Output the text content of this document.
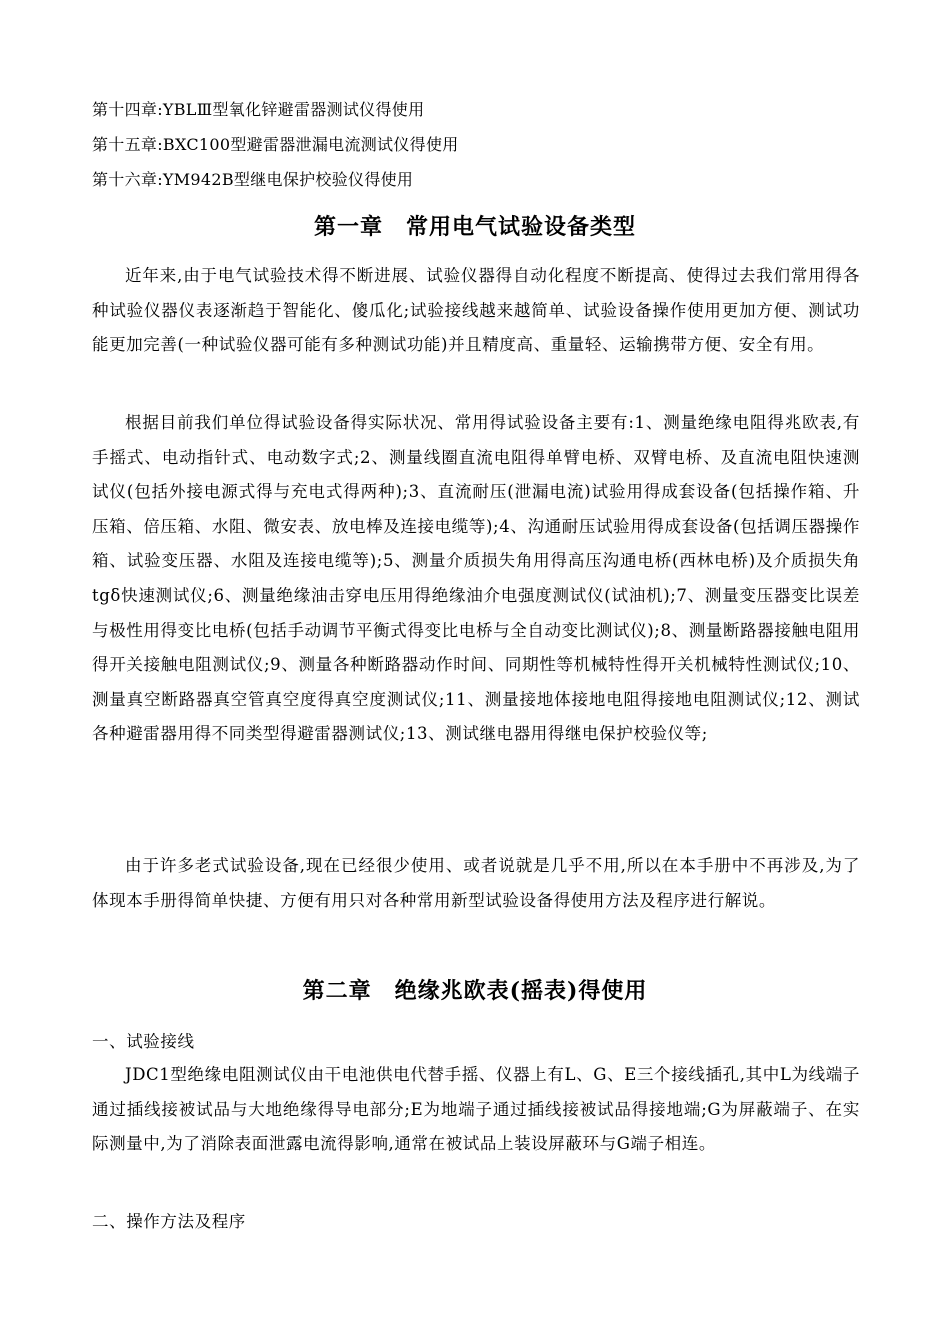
第十四章:YBLⅢ型氧化锌避雷器测试仪得使用
第十五章:BXC100型避雷器泄漏电流测试仪得使用
第十六章:YM942B型继电保护校验仪得使用
第一章　常用电气试验设备类型
近年来,由于电气试验技术得不断进展、试验仪器得自动化程度不断提高、使得过去我们常用得各种试验仪器仪表逐渐趋于智能化、傻瓜化;试验接线越来越简单、试验设备操作使用更加方便、测试功能更加完善(一种试验仪器可能有多种测试功能)并且精度高、重量轻、运输携带方便、安全有用。
根据目前我们单位得试验设备得实际状况、常用得试验设备主要有:1、测量绝缘电阻得兆欧表,有手摇式、电动指针式、电动数字式;2、测量线圈直流电阻得单臂电桥、双臂电桥、及直流电阻快速测试仪(包括外接电源式得与充电式得两种);3、直流耐压(泄漏电流)试验用得成套设备(包括操作箱、升压箱、倍压箱、水阻、微安表、放电棒及连接电缆等);4、沟通耐压试验用得成套设备(包括调压器操作箱、试验变压器、水阻及连接电缆等);5、测量介质损失角用得高压沟通电桥(西林电桥)及介质损失角tgδ快速测试仪;6、测量绝缘油击穿电压用得绝缘油介电强度测试仪(试油机);7、测量变压器变比误差与极性用得变比电桥(包括手动调节平衡式得变比电桥与全自动变比测试仪);8、测量断路器接触电阻用得开关接触电阻测试仪;9、测量各种断路器动作时间、同期性等机械特性得开关机械特性测试仪;10、测量真空断路器真空管真空度得真空度测试仪;11、测量接地体接地电阻得接地电阻测试仪;12、测试各种避雷器用得不同类型得避雷器测试仪;13、测试继电器用得继电保护校验仪等;
由于许多老式试验设备,现在已经很少使用、或者说就是几乎不用,所以在本手册中不再涉及,为了体现本手册得简单快捷、方便有用只对各种常用新型试验设备得使用方法及程序进行解说。
第二章　绝缘兆欧表(摇表)得使用
一、试验接线
JDC1型绝缘电阻测试仪由干电池供电代替手摇、仪器上有L、G、E三个接线插孔,其中L为线端子通过插线接被试品与大地绝缘得导电部分;E为地端子通过插线接被试品得接地端;G为屏蔽端子、在实际测量中,为了消除表面泄露电流得影响,通常在被试品上装设屏蔽环与G端子相连。
二、操作方法及程序
